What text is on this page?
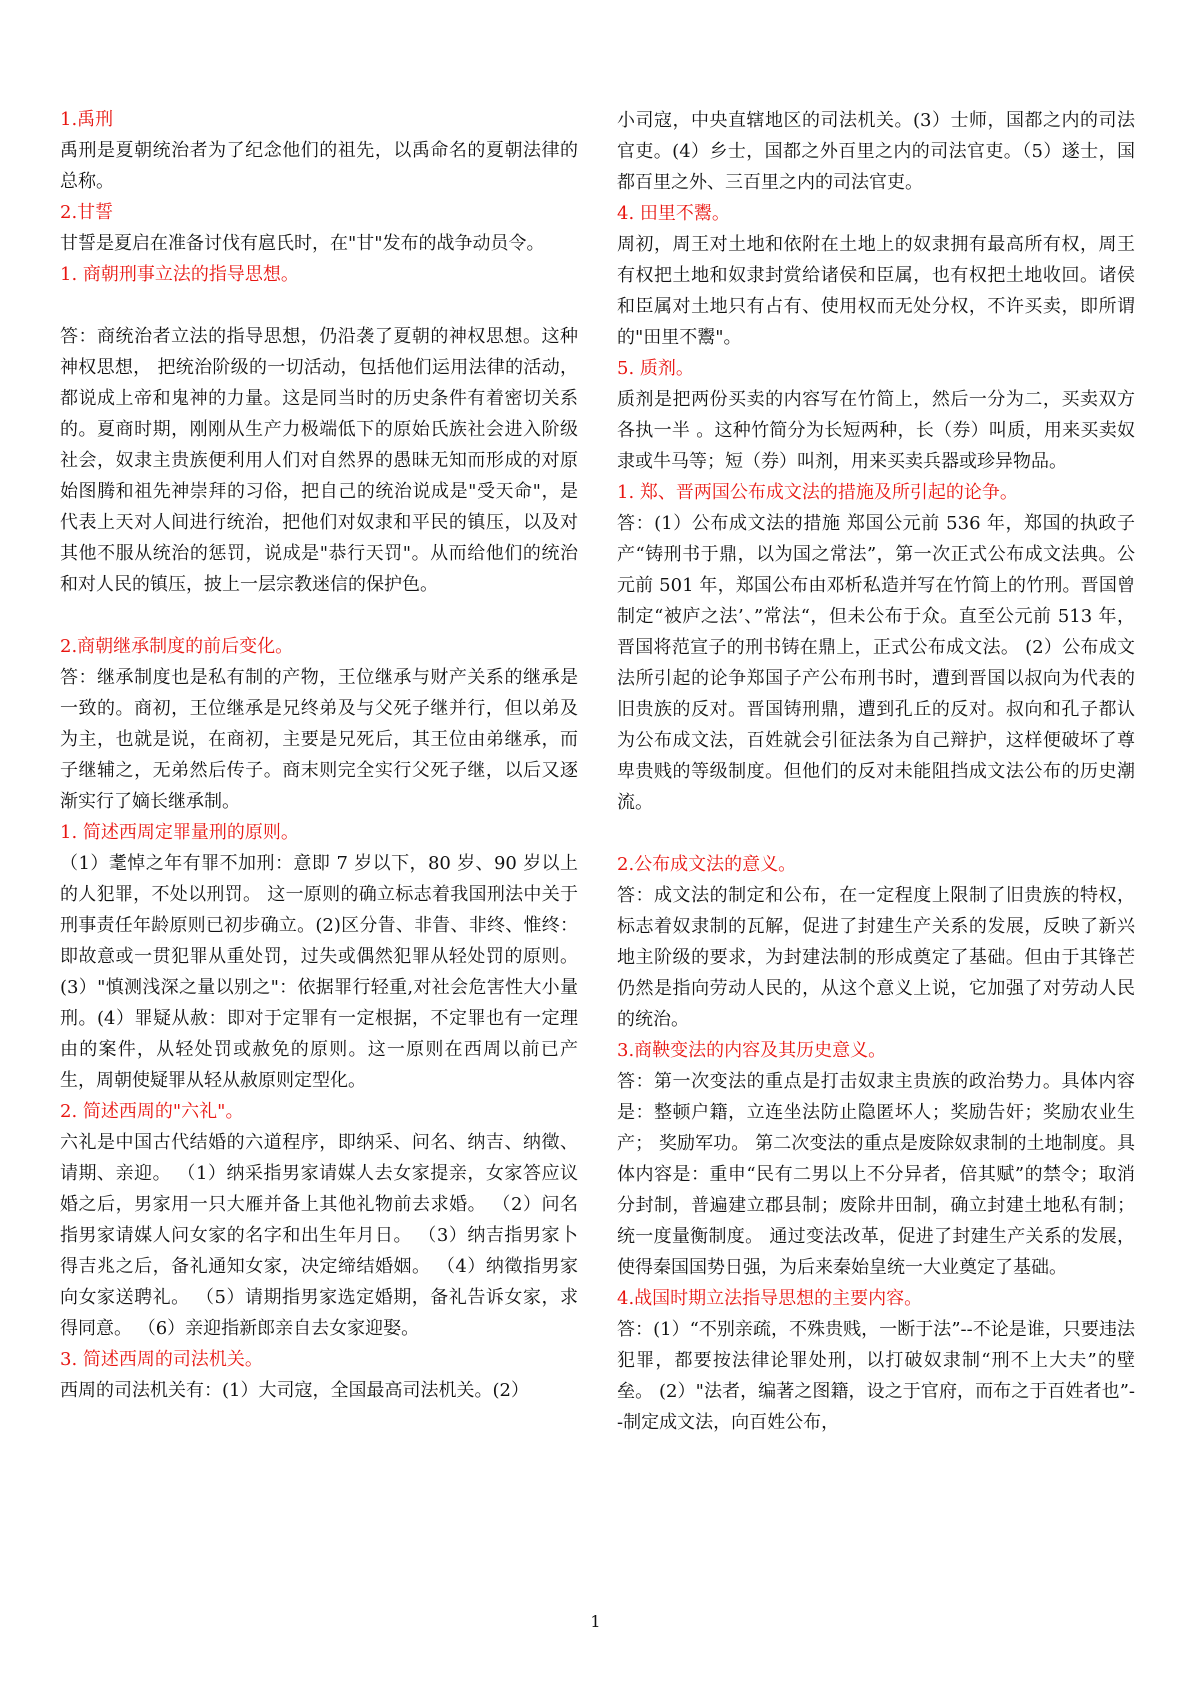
1.禹刑

禹刑是夏朝统治者为了纪念他们的祖先，以禹命名的夏朝法律的总称。

2.甘誓

甘誓是夏启在准备讨伐有扈氏时，在"甘"发布的战争动员令。

1. 商朝刑事立法的指导思想。

答：商统治者立法的指导思想，仍沿袭了夏朝的神权思想。这种神权思想， 把统治阶级的一切活动，包括他们运用法律的活动，都说成上帝和鬼神的力量。这是同当时的历史条件有着密切关系的。夏商时期，刚刚从生产力极端低下的原始氏族社会进入阶级社会，奴隶主贵族便利用人们对自然界的愚昧无知而形成的对原始图腾和祖先神崇拜的习俗，把自己的统治说成是"受天命"，是代表上天对人间进行统治，把他们对奴隶和平民的镇压，以及对其他不服从统治的惩罚，说成是"恭行天罚"。从而给他们的统治和对人民的镇压，披上一层宗教迷信的保护色。

2.商朝继承制度的前后变化。

答：继承制度也是私有制的产物，王位继承与财产关系的继承是一致的。商初，王位继承是兄终弟及与父死子继并行，但以弟及为主，也就是说，在商初，主要是兄死后，其王位由弟继承，而子继辅之，无弟然后传子。商末则完全实行父死子继，以后又逐渐实行了嫡长继承制。

1. 简述西周定罪量刑的原则。

（1）耄悼之年有罪不加刑：意即 7 岁以下，80 岁、90 岁以上的人犯罪，不处以刑罚。 这一原则的确立标志着我国刑法中关于刑事责任年龄原则已初步确立。(2)区分眚、非眚、非终、惟终：即故意或一贯犯罪从重处罚，过失或偶然犯罪从轻处罚的原则。(3）"慎测浅深之量以别之"：依据罪行轻重,对社会危害性大小量刑。(4）罪疑从赦：即对于定罪有一定根据，不定罪也有一定理由的案件，从轻处罚或赦免的原则。这一原则在西周以前已产生，周朝使疑罪从轻从赦原则定型化。

2. 简述西周的"六礼"。

六礼是中国古代结婚的六道程序，即纳采、问名、纳吉、纳徵、请期、亲迎。 （1）纳采指男家请媒人去女家提亲，女家答应议婚之后，男家用一只大雁并备上其他礼物前去求婚。 （2）问名指男家请媒人问女家的名字和出生年月日。 （3）纳吉指男家卜得吉兆之后，备礼通知女家，决定缔结婚姻。 （4）纳徵指男家向女家送聘礼。 （5）请期指男家选定婚期，备礼告诉女家，求得同意。 （6）亲迎指新郎亲自去女家迎娶。

3. 简述西周的司法机关。

西周的司法机关有：(1）大司寇，全国最高司法机关。(2）

小司寇，中央直辖地区的司法机关。(3）士师，国都之内的司法官吏。(4）乡士，国都之外百里之内的司法官吏。（5）遂士，国都百里之外、三百里之内的司法官吏。

4. 田里不鬻。

周初，周王对土地和依附在土地上的奴隶拥有最高所有权，周王有权把土地和奴隶封赏给诸侯和臣属，也有权把土地收回。诸侯和臣属对土地只有占有、使用权而无处分权，不许买卖，即所谓的"田里不鬻"。

5. 质剂。

质剂是把两份买卖的内容写在竹简上，然后一分为二，买卖双方各执一半 。这种竹简分为长短两种，长（券）叫质，用来买卖奴隶或牛马等；短（券）叫剂，用来买卖兵器或珍异物品。

1. 郑、晋两国公布成文法的措施及所引起的论争。

答：(1）公布成文法的措施 郑国公元前 536 年，郑国的执政子产“铸刑书于鼎，以为国之常法”，第一次正式公布成文法典。公元前 501 年，郑国公布由邓析私造并写在竹简上的竹刑。晋国曾制定“被庐之法’、”常法“，但未公布于众。直至公元前 513 年，晋国将范宣子的刑书铸在鼎上，正式公布成文法。 (2）公布成文法所引起的论争郑国子产公布刑书时，遭到晋国以叔向为代表的旧贵族的反对。晋国铸刑鼎，遭到孔丘的反对。叔向和孔子都认为公布成文法，百姓就会引征法条为自己辩护，这样便破坏了尊卑贵贱的等级制度。但他们的反对未能阻挡成文法公布的历史潮流。

2.公布成文法的意义。

答：成文法的制定和公布，在一定程度上限制了旧贵族的特权，标志着奴隶制的瓦解，促进了封建生产关系的发展，反映了新兴地主阶级的要求，为封建法制的形成奠定了基础。但由于其锋芒仍然是指向劳动人民的，从这个意义上说，它加强了对劳动人民的统治。

3.商鞅变法的内容及其历史意义。

答：第一次变法的重点是打击奴隶主贵族的政治势力。具体内容是：整顿户籍，立连坐法防止隐匿坏人；奖励告奸；奖励农业生产； 奖励军功。 第二次变法的重点是废除奴隶制的土地制度。具体内容是：重申“民有二男以上不分异者，倍其赋”的禁令；取消分封制，普遍建立郡县制；废除井田制，确立封建土地私有制；统一度量衡制度。 通过变法改革，促进了封建生产关系的发展， 使得秦国国势日强，为后来秦始皇统一大业奠定了基础。

4.战国时期立法指导思想的主要内容。

答：(1）“不别亲疏，不殊贵贱，一断于法”--不论是谁，只要违法犯罪，都要按法律论罪处刑，以打破奴隶制“刑不上大夫”的壁垒。 (2）"法者，编著之图籍，设之于官府，而布之于百姓者也”--制定成文法，向百姓公布，

1
